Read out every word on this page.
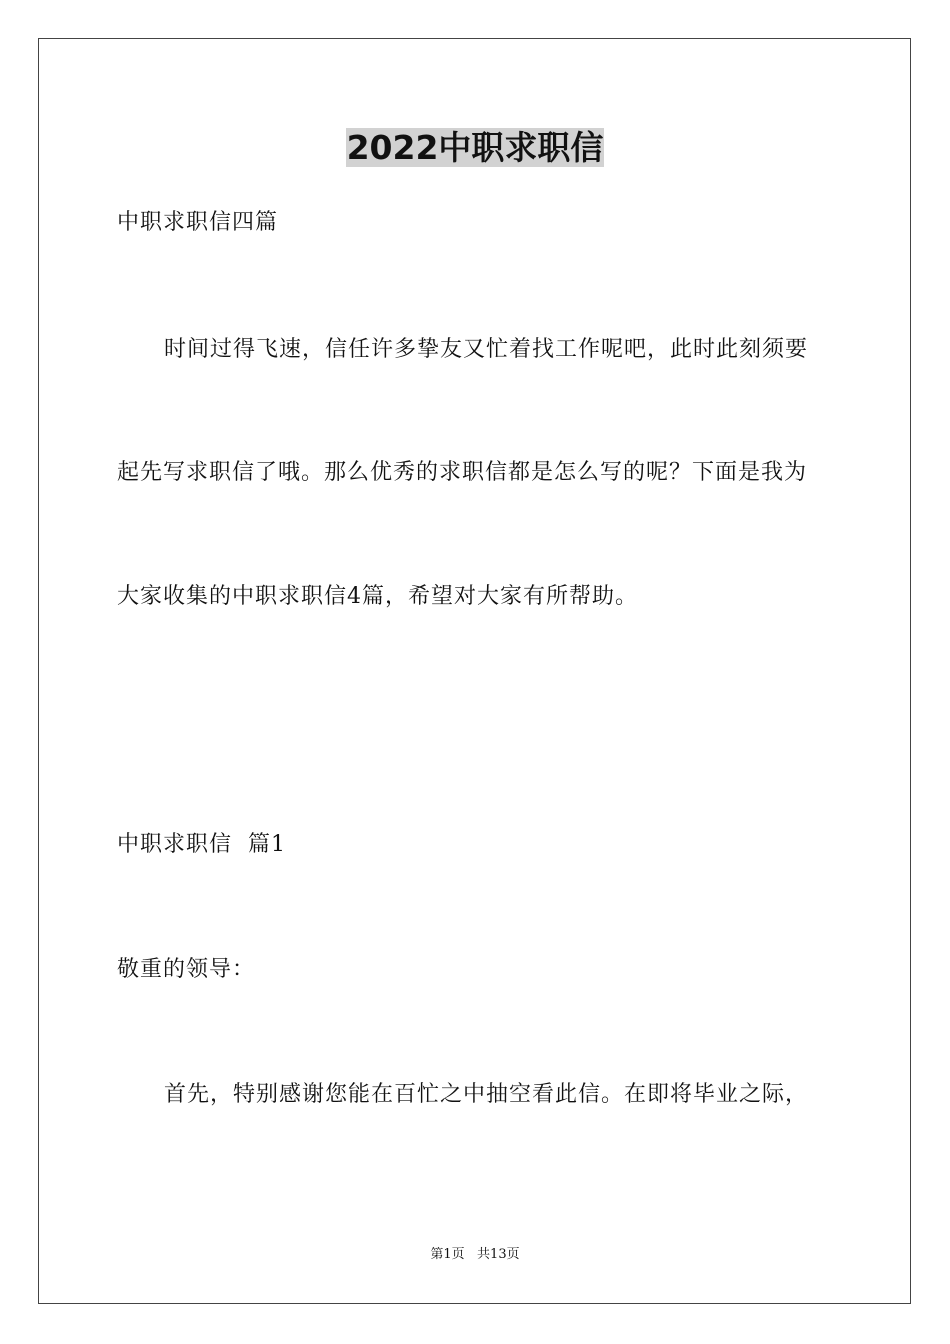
2022中职求职信
中职求职信四篇
时间过得飞速，信任许多挚友又忙着找工作呢吧，此时此刻须要
起先写求职信了哦。那么优秀的求职信都是怎么写的呢？下面是我为
大家收集的中职求职信4篇，希望对大家有所帮助。
中职求职信  篇1
敬重的领导：
首先，特别感谢您能在百忙之中抽空看此信。在即将毕业之际，
第1页   共13页
